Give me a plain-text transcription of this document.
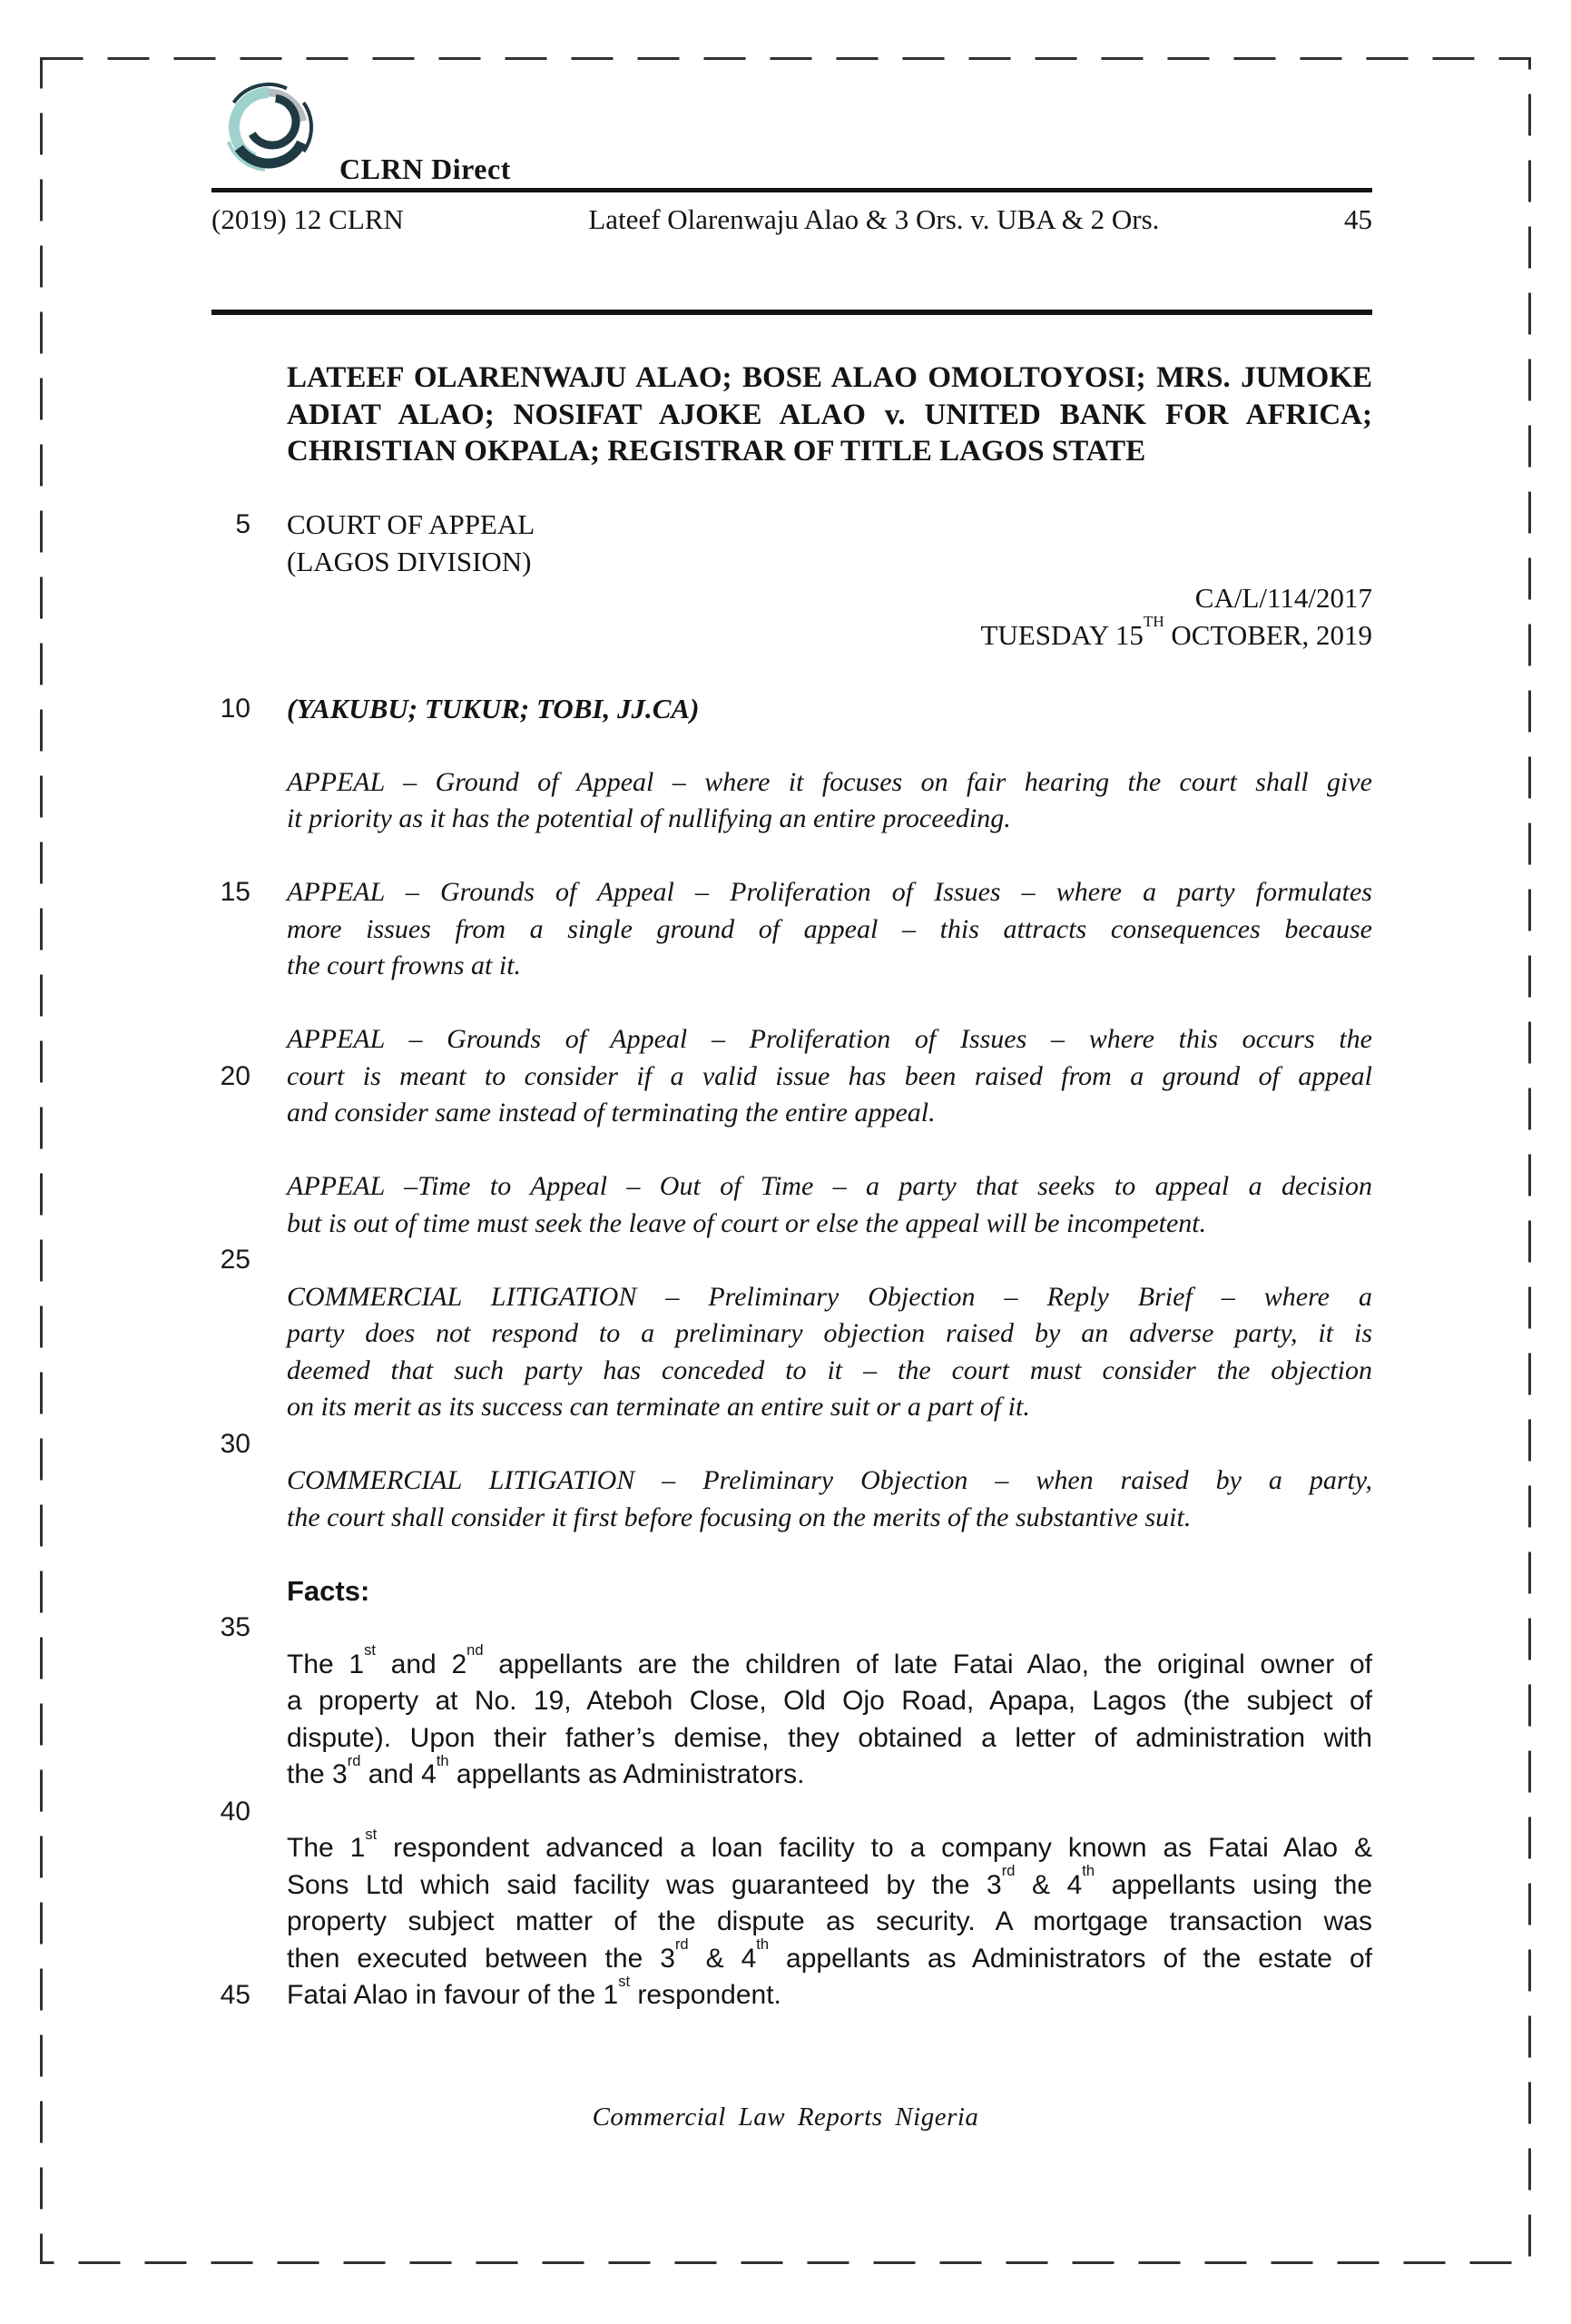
CLRN Direct
(2019) 12 CLRN	Lateef Olarenwaju Alao & 3 Ors. v. UBA & 2 Ors.	45
5
10
15
20
25
30
35
40
45
LATEEF OLARENWAJU ALAO; BOSE ALAO OMOLTOYOSI; MRS. JUMOKE
ADIAT ALAO; NOSIFAT AJOKE ALAO v. UNITED BANK FOR AFRICA;
CHRISTIAN OKPALA; REGISTRAR OF TITLE LAGOS STATE
COURT OF APPEAL
(LAGOS DIVISION)
CA/L/114/2017
TUESDAY 15TH OCTOBER, 2019
(YAKUBU; TUKUR; TOBI, JJ.CA)
APPEAL – Ground of Appeal – where it focuses on fair hearing the court shall give
it priority as it has the potential of nullifying an entire proceeding.
APPEAL – Grounds of Appeal – Proliferation of Issues – where a party formulates
more issues from a single ground of appeal – this attracts consequences because
the court frowns at it.
APPEAL – Grounds of Appeal – Proliferation of Issues – where this occurs the
court is meant to consider if a valid issue has been raised from a ground of appeal
and consider same instead of terminating the entire appeal.
APPEAL –Time to Appeal – Out of Time – a party that seeks to appeal a decision
but is out of time must seek the leave of court or else the appeal will be incompetent.
COMMERCIAL LITIGATION – Preliminary Objection – Reply Brief – where a
party does not respond to a preliminary objection raised by an adverse party, it is
deemed that such party has conceded to it – the court must consider the objection
on its merit as its success can terminate an entire suit or a part of it.
COMMERCIAL LITIGATION – Preliminary Objection – when raised by a party,
the court shall consider it first before focusing on the merits of the substantive suit.
Facts:
The 1st and 2nd appellants are the children of late Fatai Alao, the original owner of
a property at No. 19, Ateboh Close, Old Ojo Road, Apapa, Lagos (the subject of
dispute). Upon their father’s demise, they obtained a letter of administration with
the 3rd and 4th appellants as Administrators.
The 1st respondent advanced a loan facility to a company known as Fatai Alao &
Sons Ltd which said facility was guaranteed by the 3rd & 4th appellants using the
property subject matter of the dispute as security. A mortgage transaction was
then executed between the 3rd & 4th appellants as Administrators of the estate of
Fatai Alao in favour of the 1st respondent.
Commercial Law Reports Nigeria
